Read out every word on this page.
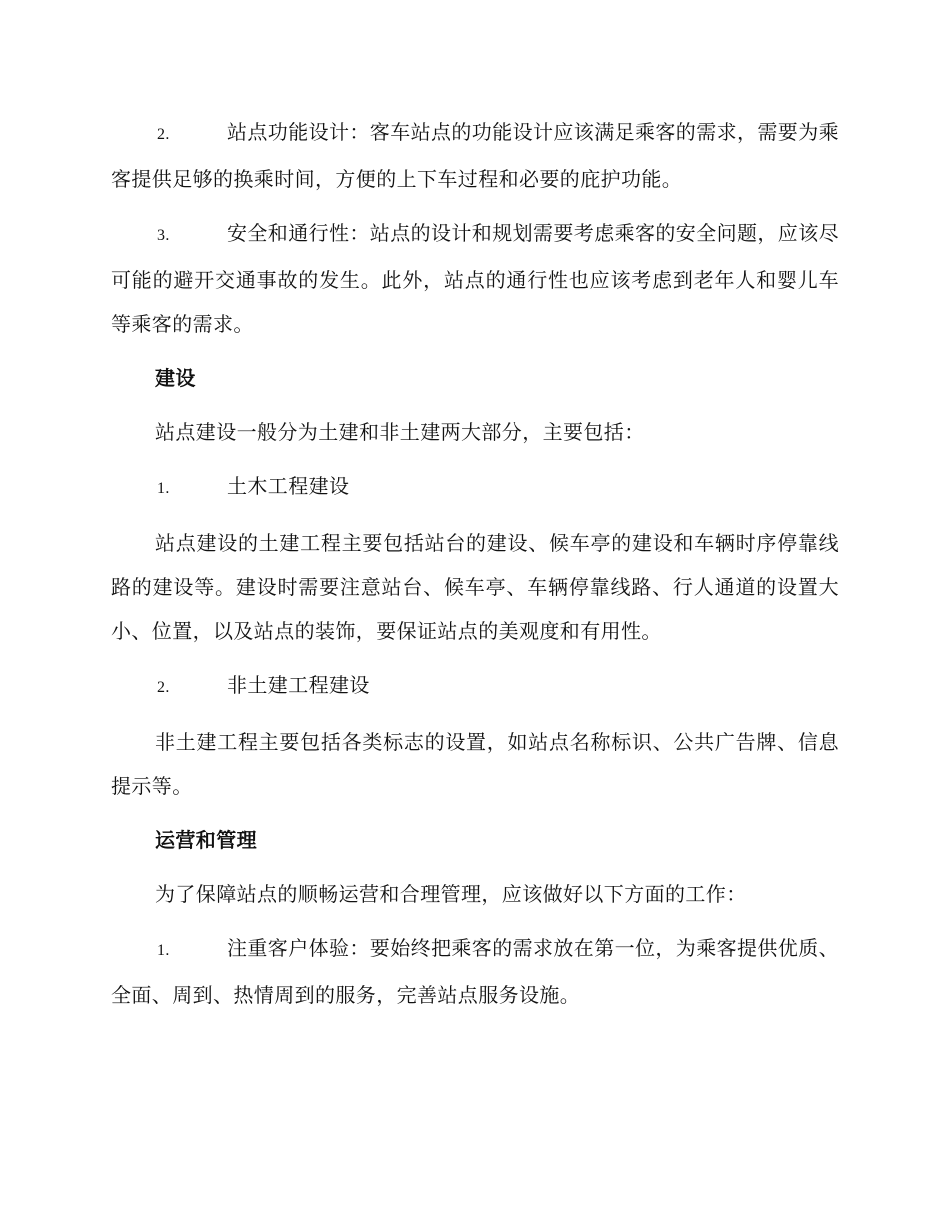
2.	站点功能设计：客车站点的功能设计应该满足乘客的需求，需要为乘客提供足够的换乘时间，方便的上下车过程和必要的庇护功能。

3.	安全和通行性：站点的设计和规划需要考虑乘客的安全问题，应该尽可能的避开交通事故的发生。此外，站点的通行性也应该考虑到老年人和婴儿车等乘客的需求。

建设

站点建设一般分为土建和非土建两大部分，主要包括：

1.	土木工程建设

站点建设的土建工程主要包括站台的建设、候车亭的建设和车辆时序停靠线路的建设等。建设时需要注意站台、候车亭、车辆停靠线路、行人通道的设置大小、位置，以及站点的装饰，要保证站点的美观度和有用性。

2.	非土建工程建设

非土建工程主要包括各类标志的设置，如站点名称标识、公共广告牌、信息提示等。

运营和管理

为了保障站点的顺畅运营和合理管理，应该做好以下方面的工作：

1.	注重客户体验：要始终把乘客的需求放在第一位，为乘客提供优质、全面、周到、热情周到的服务，完善站点服务设施。
